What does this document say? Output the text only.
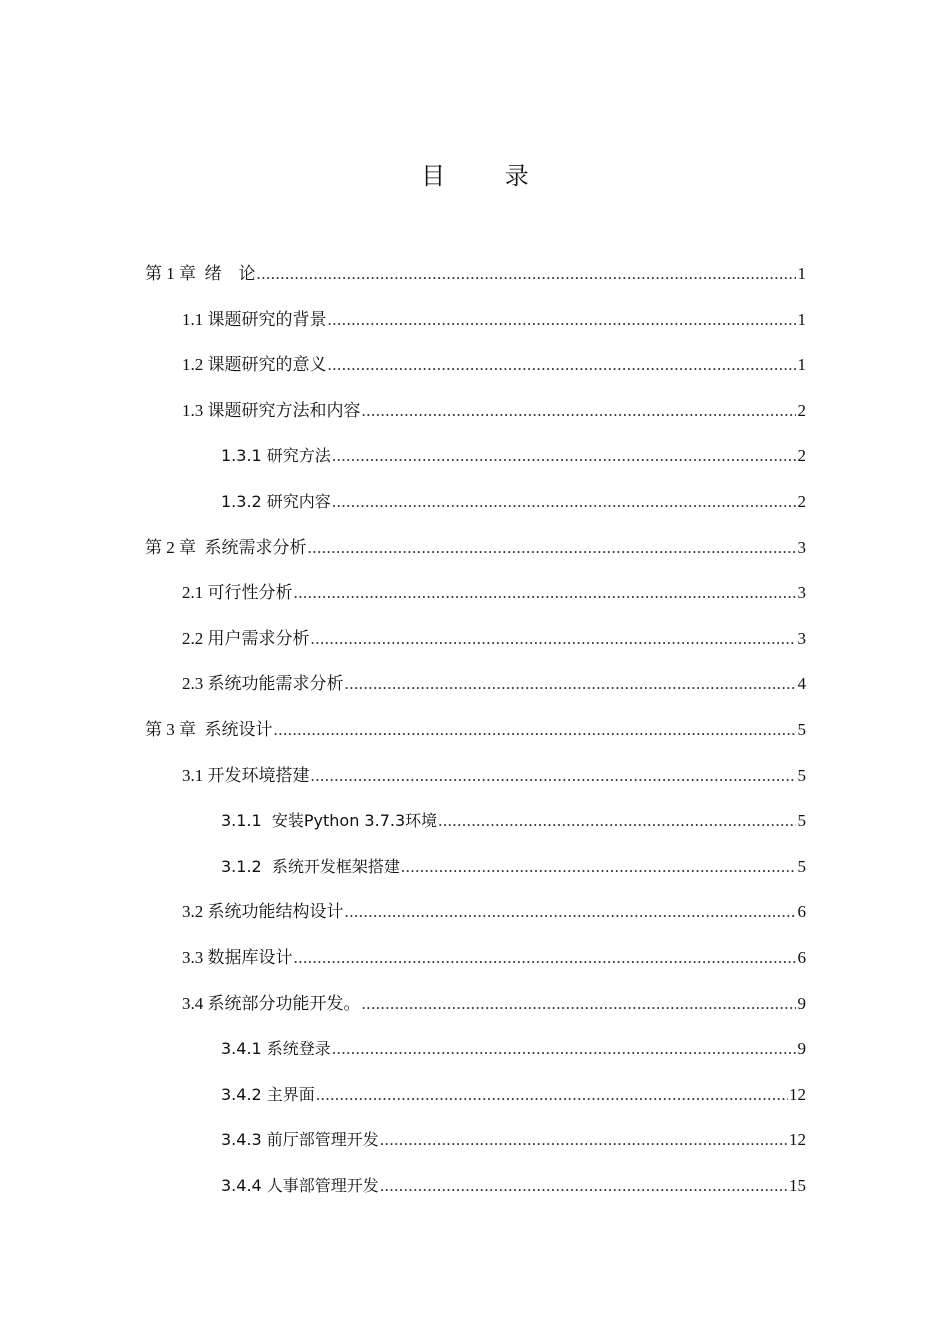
目 录
第 1 章  绪    论 .....	1
1.1 课题研究的背景 .....	1
1.2 课题研究的意义 .....	1
1.3 课题研究方法和内容 .....	2
1.3.1 研究方法 .....	2
1.3.2 研究内容 .....	2
第 2 章  系统需求分析 .....	3
2.1 可行性分析 .....	3
2.2 用户需求分析 .....	3
2.3 系统功能需求分析 .....	4
第 3 章  系统设计 .....	5
3.1 开发环境搭建 .....	5
3.1.1  安装Python 3.7.3环境 .....	5
3.1.2  系统开发框架搭建 .....	5
3.2 系统功能结构设计 .....	6
3.3 数据库设计 .....	6
3.4 系统部分功能开发。 .....	9
3.4.1 系统登录 .....	9
3.4.2 主界面 .....	12
3.4.3 前厅部管理开发 .....	12
3.4.4 人事部管理开发 .....	15
